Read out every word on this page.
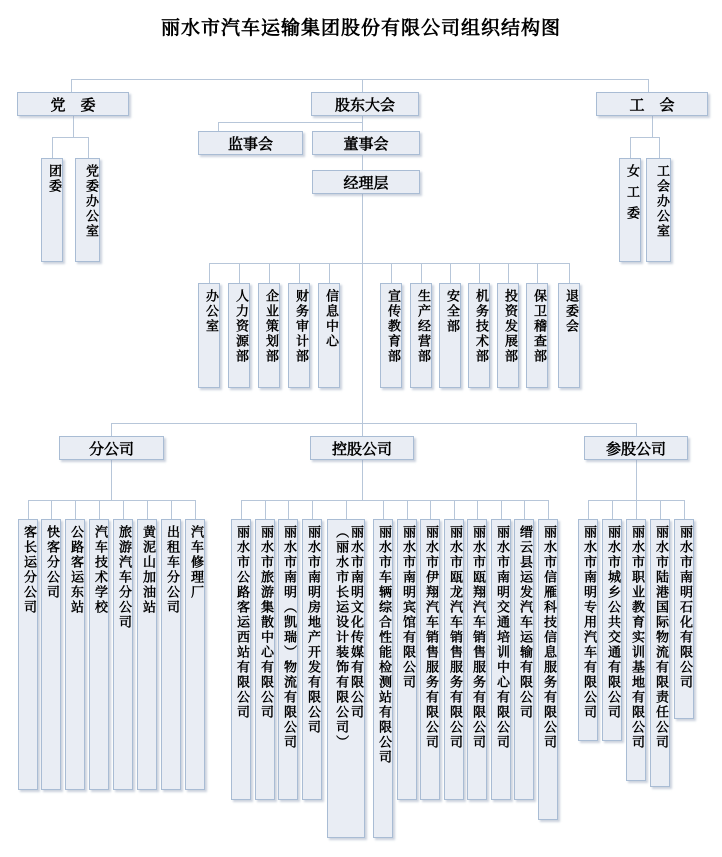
丽水市汽车运输集团股份有限公司组织结构图
党　委	股东大会	工　会
监事会	董事会
经理层
团委	党委办公室	女工委	工会办公室
办公室	人力资源部	企业策划部	财务审计部	信息中心	宣传教育部	生产经营部	安全部	机务技术部	投资发展部	保卫稽查部	退委会
分公司	控股公司	参股公司
客长运分公司 快客分公司 公路客运东站 汽车技术学校 旅游汽车分公司 黄泥山加油站 出租车分公司 汽车修理厂 丽水市公路客运西站有限公司 丽水市旅游集散中心有限公司 丽水市南明（凯瑞）物流有限公司 丽水市南明房地产开发有限公司 丽水市南明文化传媒有限公司
（丽水市长运设计装饰有限公司） 丽水市车辆综合性能检测站有限公司 丽水市南明宾馆有限公司 丽水市伊翔汽车销售服务有限公司 丽水市瓯龙汽车销售服务有限公司 丽水市瓯翔汽车销售服务有限公司 丽水市南明交通培训中心有限公司 缙云县运发汽车运输有限公司 丽水市信雁科技信息服务有限公司 丽水市南明专用汽车有限公司 丽水市城乡公共交通有限公司 丽水市职业教育实训基地有限公司 丽水市陆港国际物流有限责任公司 丽水市南明石化有限公司
